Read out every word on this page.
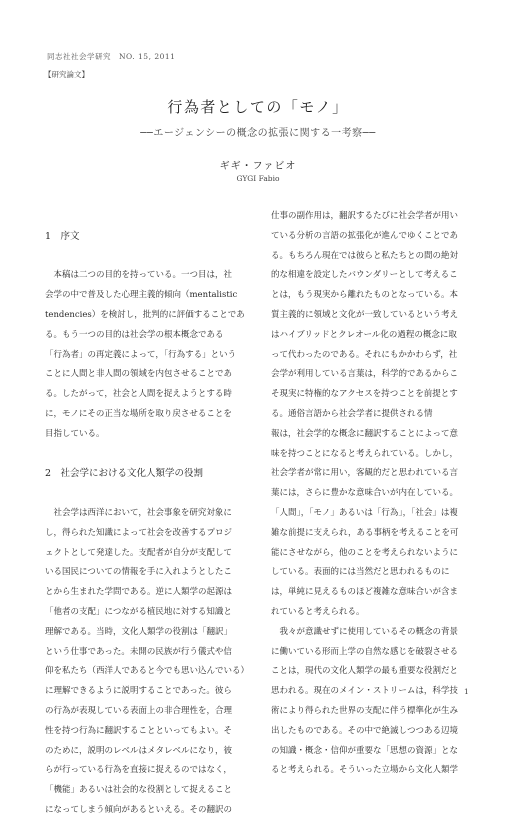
同志社社会学研究　NO. 15, 2011
【研究論文】
行為者としての「モノ」
──エージェンシーの概念の拡張に関する一考察──
ギギ・ファビオ
GYGI Fabio
1　序文
　本稿は二つの目的を持っている。一つ目は，社
会学の中で普及した心理主義的傾向（mentalistic
tendencies）を検討し，批判的に評価することであ
る。もう一つの目的は社会学の根本概念である
「行為者」の再定義によって，「行為する」という
ことに人間と非人間の領域を内包させることであ
る。したがって，社会と人間を捉えようとする時
に，モノにその正当な場所を取り戻させることを
目指している。
2　社会学における文化人類学の役割
　社会学は西洋において，社会事象を研究対象に
し，得られた知識によって社会を改善するプロジ
ェクトとして発達した。支配者が自分が支配して
いる国民についての情報を手に入れようとしたこ
とから生まれた学問である。逆に人類学の起源は
「他者の支配」につながる植民地に対する知識と
理解である。当時，文化人類学の役割は「翻訳」
という仕事であった。未開の民族が行う儀式や信
仰を私たち（西洋人であると今でも思い込んでいる）
に理解できるように説明することであった。彼ら
の行為が表現している表面上の非合理性を，合理
性を持つ行為に翻訳することといってもよい。そ
のために，説明のレベルはメタレベルになり，彼
らが行っている行為を直接に捉えるのではなく，
「機能」あるいは社会的な役割として捉えること
になってしまう傾向があるといえる。その翻訳の
仕事の副作用は，翻訳するたびに社会学者が用い
ている分析の言語の拡張化が進んでゆくことであ
る。もちろん現在では彼らと私たちとの間の絶対
的な相違を設定したバウンダリーとして考えるこ
とは，もう現実から離れたものとなっている。本
質主義的に領域と文化が一致しているという考え
はハイブリッドとクレオール化の過程の概念に取
って代わったのである。それにもかかわらず，社
会学が利用している言葉は，科学的であるからこ
そ現実に特権的なアクセスを持つことを前提とす
る。通俗言語から社会学者に提供される情
報は，社会学的な概念に翻訳することによって意
味を持つことになると考えられている。しかし，
社会学者が常に用い，客観的だと思われている言
葉には，さらに豊かな意味合いが内在している。
「人間」，「モノ」あるいは「行為」，「社会」は複
雑な前提に支えられ，ある事柄を考えることを可
能にさせながら，他のことを考えられないように
している。表面的には当然だと思われるものに
は，単純に見えるものほど複雑な意味合いが含ま
れていると考えられる。
　我々が意識せずに使用しているその概念の背景
に働いている形而上学の自然な感じを破裂させる
ことは，現代の文化人類学の最も重要な役割だと
思われる。現在のメイン・ストリームは，科学技
術により得られた世界の支配に伴う標準化が生み
出したものである。その中で絶滅しつつある辺境
の知識・概念・信仰が重要な「思想の資源」とな
ると考えられる。そういった立場から文化人類学
1
